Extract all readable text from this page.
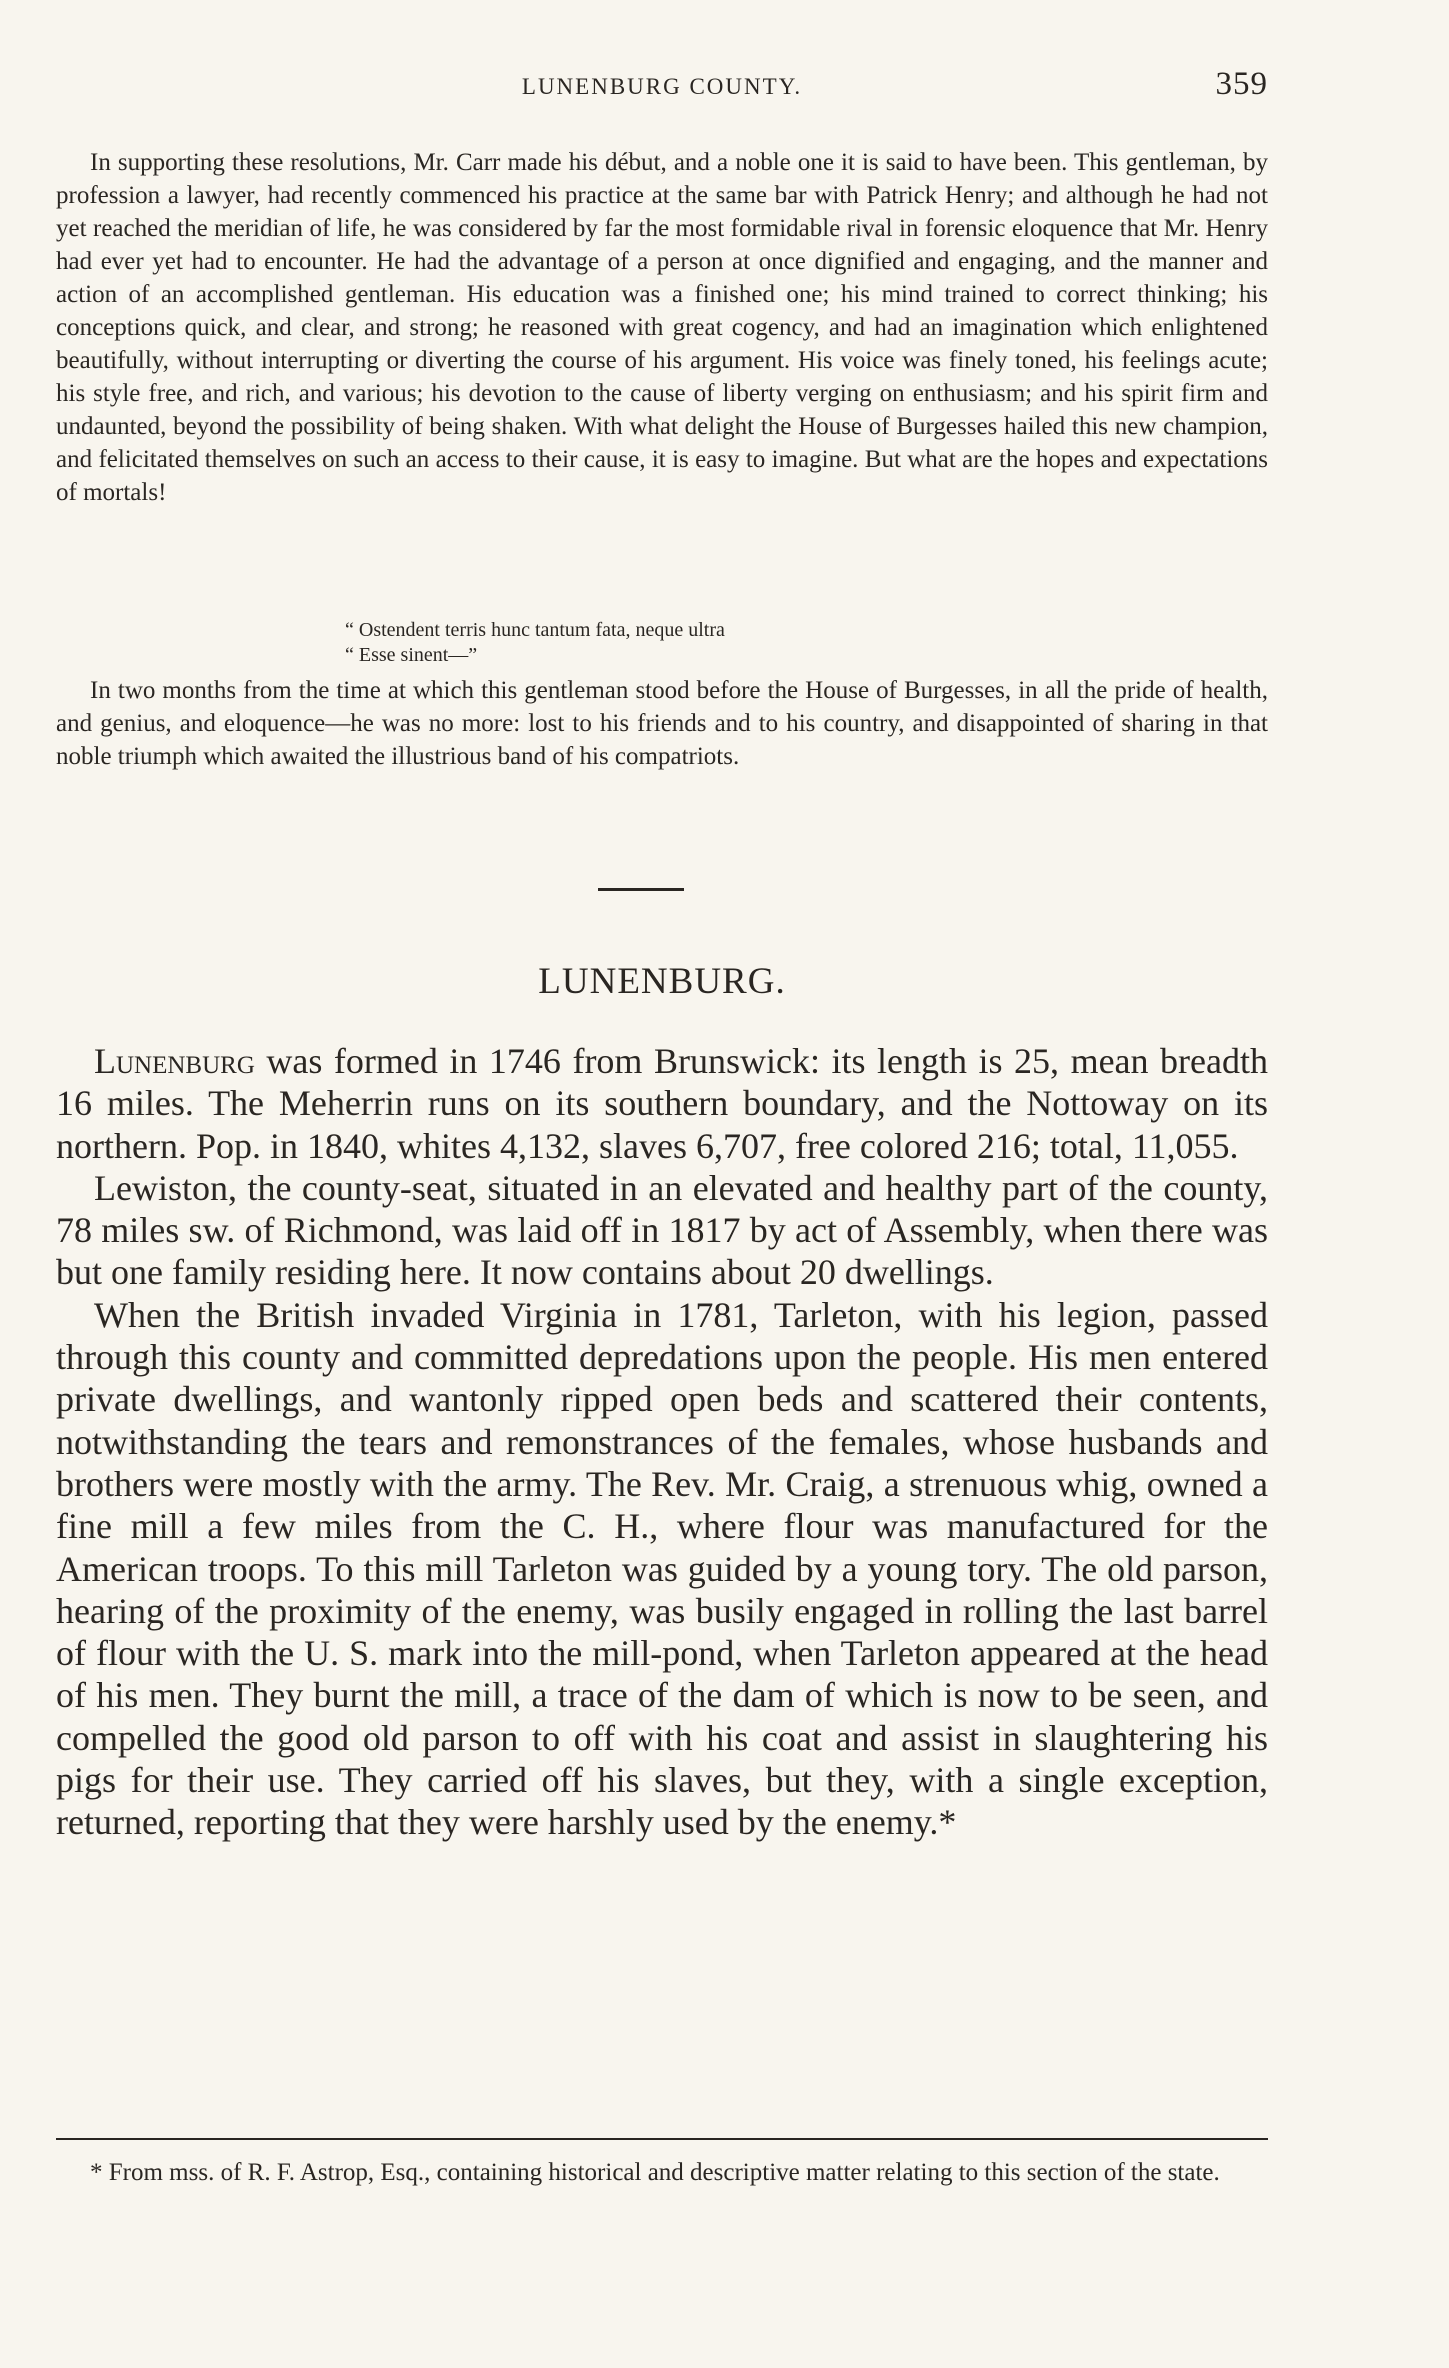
LUNENBURG COUNTY.	359

In supporting these resolutions, Mr. Carr made his début, and a noble one it is said to have been. This gentleman, by profession a lawyer, had recently commenced his practice at the same bar with Patrick Henry; and although he had not yet reached the meridian of life, he was considered by far the most formidable rival in forensic eloquence that Mr. Henry had ever yet had to encounter. He had the advantage of a person at once dignified and engaging, and the manner and action of an accomplished gentleman. His education was a finished one; his mind trained to correct thinking; his conceptions quick, and clear, and strong; he reasoned with great cogency, and had an imagination which enlightened beautifully, without interrupting or diverting the course of his argument. His voice was finely toned, his feelings acute; his style free, and rich, and various; his devotion to the cause of liberty verging on enthusiasm; and his spirit firm and undaunted, beyond the possibility of being shaken. With what delight the House of Burgesses hailed this new champion, and felicitated themselves on such an access to their cause, it is easy to imagine. But what are the hopes and expectations of mortals!

“ Ostendent terris hunc tantum fata, neque ultra
“ Esse sinent—”

In two months from the time at which this gentleman stood before the House of Burgesses, in all the pride of health, and genius, and eloquence—he was no more: lost to his friends and to his country, and disappointed of sharing in that noble triumph which awaited the illustrious band of his compatriots.

LUNENBURG.

Lunenburg was formed in 1746 from Brunswick: its length is 25, mean breadth 16 miles. The Meherrin runs on its southern boundary, and the Nottoway on its northern. Pop. in 1840, whites 4,132, slaves 6,707, free colored 216; total, 11,055.

Lewiston, the county-seat, situated in an elevated and healthy part of the county, 78 miles sw. of Richmond, was laid off in 1817 by act of Assembly, when there was but one family residing here. It now contains about 20 dwellings.

When the British invaded Virginia in 1781, Tarleton, with his legion, passed through this county and committed depredations upon the people. His men entered private dwellings, and wantonly ripped open beds and scattered their contents, notwithstanding the tears and remonstrances of the females, whose husbands and brothers were mostly with the army. The Rev. Mr. Craig, a strenuous whig, owned a fine mill a few miles from the C. H., where flour was manufactured for the American troops. To this mill Tarleton was guided by a young tory. The old parson, hearing of the proximity of the enemy, was busily engaged in rolling the last barrel of flour with the U. S. mark into the mill-pond, when Tarleton appeared at the head of his men. They burnt the mill, a trace of the dam of which is now to be seen, and compelled the good old parson to off with his coat and assist in slaughtering his pigs for their use. They carried off his slaves, but they, with a single exception, returned, reporting that they were harshly used by the enemy.*

* From mss. of R. F. Astrop, Esq., containing historical and descriptive matter relating to this section of the state.
